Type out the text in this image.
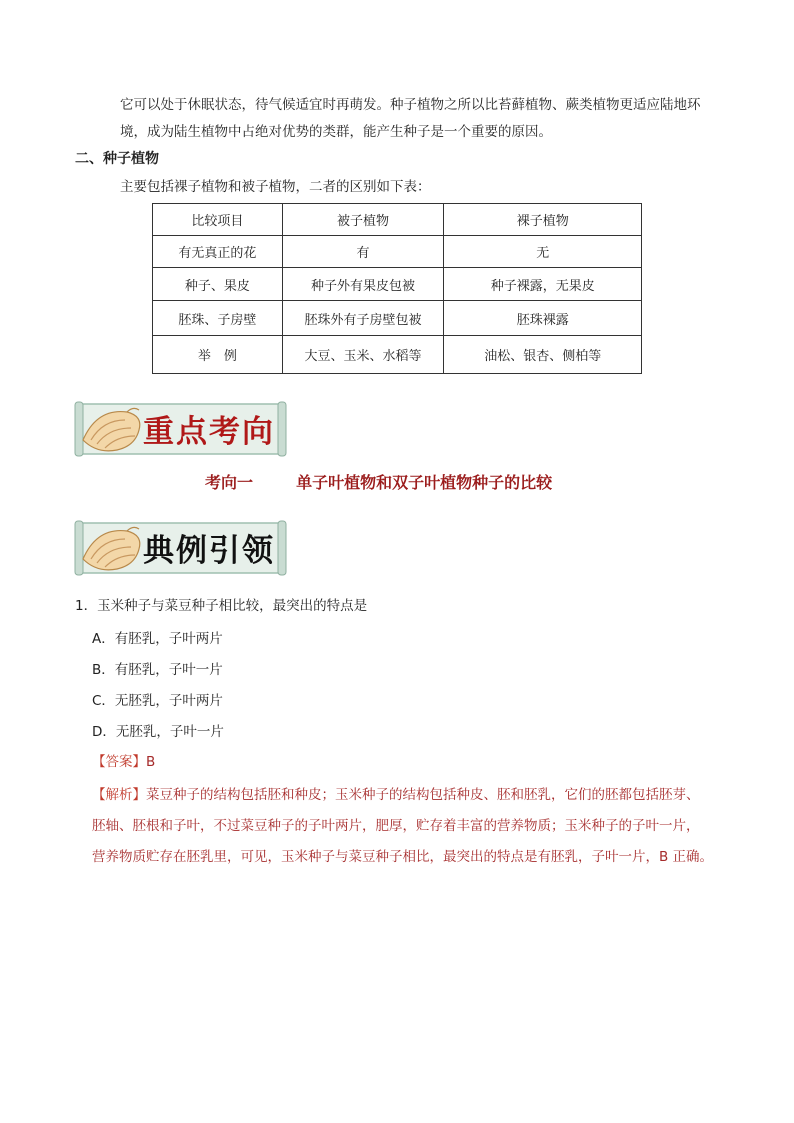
它可以处于休眠状态，待气候适宜时再萌发。种子植物之所以比苔藓植物、蕨类植物更适应陆地环
境，成为陆生植物中占绝对优势的类群，能产生种子是一个重要的原因。
二、种子植物
主要包括裸子植物和被子植物，二者的区别如下表：
比较项目	被子植物	裸子植物
有无真正的花	有	无
种子、果皮	种子外有果皮包被	种子裸露，无果皮
胚珠、子房壁	胚珠外有子房壁包被	胚珠裸露
举　例	大豆、玉米、水稻等	油松、银杏、侧柏等
重点考向
考向一	单子叶植物和双子叶植物种子的比较
典例引领
1．玉米种子与菜豆种子相比较，最突出的特点是
A．有胚乳，子叶两片
B．有胚乳，子叶一片
C．无胚乳，子叶两片
D．无胚乳，子叶一片
【答案】B
【解析】菜豆种子的结构包括胚和种皮；玉米种子的结构包括种皮、胚和胚乳，它们的胚都包括胚芽、
胚轴、胚根和子叶，不过菜豆种子的子叶两片，肥厚，贮存着丰富的营养物质；玉米种子的子叶一片，
营养物质贮存在胚乳里，可见，玉米种子与菜豆种子相比，最突出的特点是有胚乳，子叶一片，B 正确。
